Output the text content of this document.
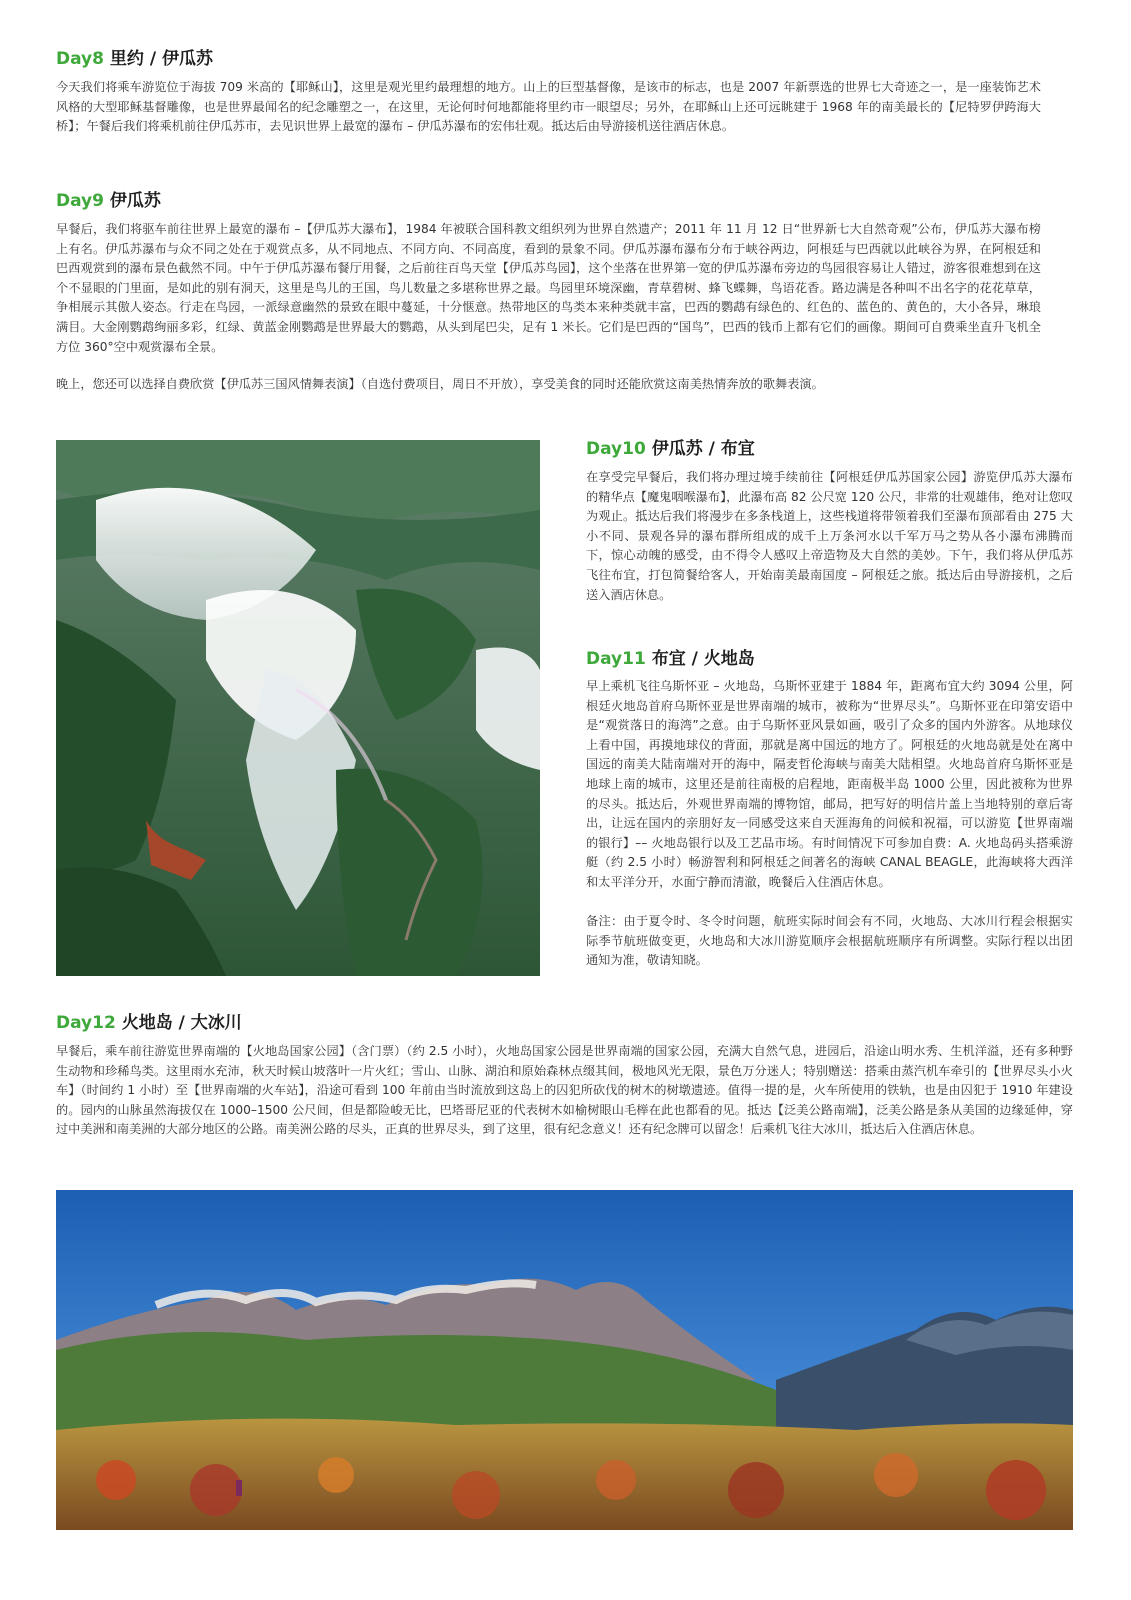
Day8 里约 / 伊瓜苏

今天我们将乘车游览位于海拔 709 米高的【耶稣山】，这里是观光里约最理想的地方。山上的巨型基督像，是该市的标志，也是 2007 年新票选的世界七大奇迹之一，是一座装饰艺术风格的大型耶稣基督雕像，也是世界最闻名的纪念雕塑之一，在这里，无论何时何地都能将里约市一眼望尽；另外，在耶稣山上还可远眺建于 1968 年的南美最长的【尼特罗伊跨海大桥】；午餐后我们将乘机前往伊瓜苏市，去见识世界上最宽的瀑布 – 伊瓜苏瀑布的宏伟壮观。抵达后由导游接机送往酒店休息。

Day9 伊瓜苏

早餐后，我们将驱车前往世界上最宽的瀑布 –【伊瓜苏大瀑布】，1984 年被联合国科教文组织列为世界自然遗产；2011 年 11 月 12 日“世界新七大自然奇观”公布，伊瓜苏大瀑布榜上有名。伊瓜苏瀑布与众不同之处在于观赏点多，从不同地点、不同方向、不同高度，看到的景象不同。伊瓜苏瀑布瀑布分布于峡谷两边，阿根廷与巴西就以此峡谷为界，在阿根廷和巴西观赏到的瀑布景色截然不同。中午于伊瓜苏瀑布餐厅用餐，之后前往百鸟天堂【伊瓜苏鸟园】，这个坐落在世界第一宽的伊瓜苏瀑布旁边的鸟园很容易让人错过，游客很难想到在这个不显眼的门里面，是如此的别有洞天，这里是鸟儿的王国，鸟儿数量之多堪称世界之最。鸟园里环境深幽，青草碧树、蜂飞蝶舞，鸟语花香。路边满是各种叫不出名字的花花草草，争相展示其傲人姿态。行走在鸟园，一派绿意幽然的景致在眼中蔓延，十分惬意。热带地区的鸟类本来种类就丰富，巴西的鹦鹉有绿色的、红色的、蓝色的、黄色的，大小各异，琳琅满目。大金刚鹦鹉绚丽多彩，红绿、黄蓝金刚鹦鹉是世界最大的鹦鹉，从头到尾巴尖，足有 1 米长。它们是巴西的“国鸟”，巴西的钱币上都有它们的画像。期间可自费乘坐直升飞机全方位 360°空中观赏瀑布全景。

晚上，您还可以选择自费欣赏【伊瓜苏三国风情舞表演】（自选付费项目，周日不开放），享受美食的同时还能欣赏这南美热情奔放的歌舞表演。

Day10 伊瓜苏 / 布宜

在享受完早餐后，我们将办理过境手续前往【阿根廷伊瓜苏国家公园】游览伊瓜苏大瀑布的精华点【魔鬼咽喉瀑布】，此瀑布高 82 公尺宽 120 公尺，非常的壮观雄伟，绝对让您叹为观止。抵达后我们将漫步在多条栈道上，这些栈道将带领着我们至瀑布顶部看由 275 大小不同、景观各异的瀑布群所组成的成千上万条河水以千军万马之势从各小瀑布沸腾而下，惊心动魄的感受，由不得令人感叹上帝造物及大自然的美妙。下午，我们将从伊瓜苏飞往布宜，打包简餐给客人，开始南美最南国度 – 阿根廷之旅。抵达后由导游接机，之后送入酒店休息。

Day11 布宜 / 火地岛

早上乘机飞往乌斯怀亚 – 火地岛，乌斯怀亚建于 1884 年，距离布宜大约 3094 公里，阿根廷火地岛首府乌斯怀亚是世界南端的城市，被称为“世界尽头”。乌斯怀亚在印第安语中是“观赏落日的海湾”之意。由于乌斯怀亚风景如画，吸引了众多的国内外游客。从地球仪上看中国，再摸地球仪的背面，那就是离中国远的地方了。阿根廷的火地岛就是处在离中国远的南美大陆南端对开的海中，隔麦哲伦海峡与南美大陆相望。火地岛首府乌斯怀亚是地球上南的城市，这里还是前往南极的启程地，距南极半岛 1000 公里，因此被称为世界的尽头。抵达后，外观世界南端的博物馆，邮局，把写好的明信片盖上当地特别的章后寄出，让远在国内的亲朋好友一同感受这来自天涯海角的问候和祝福，可以游览【世界南端的银行】–– 火地岛银行以及工艺品市场。有时间情况下可参加自费：A. 火地岛码头搭乘游艇（约 2.5 小时）畅游智利和阿根廷之间著名的海峡 CANAL BEAGLE，此海峡将大西洋和太平洋分开，水面宁静而清澈，晚餐后入住酒店休息。

备注：由于夏令时、冬令时问题，航班实际时间会有不同，火地岛、大冰川行程会根据实际季节航班做变更，火地岛和大冰川游览顺序会根据航班顺序有所调整。实际行程以出团通知为准，敬请知晓。

Day12 火地岛 / 大冰川

早餐后，乘车前往游览世界南端的【火地岛国家公园】（含门票）（约 2.5 小时），火地岛国家公园是世界南端的国家公园，充满大自然气息，进园后，沿途山明水秀、生机洋溢，还有多种野生动物和珍稀鸟类。这里雨水充沛，秋天时候山坡落叶一片火红；雪山、山脉、湖泊和原始森林点缀其间，极地风光无限，景色万分迷人；特别赠送：搭乘由蒸汽机车牵引的【世界尽头小火车】（时间约 1 小时）至【世界南端的火车站】，沿途可看到 100 年前由当时流放到这岛上的囚犯所砍伐的树木的树墩遗迹。值得一提的是，火车所使用的铁轨，也是由囚犯于 1910 年建设的。园内的山脉虽然海拔仅在 1000–1500 公尺间，但是都险峻无比，巴塔哥尼亚的代表树木如榆树眼山毛榉在此也都看的见。抵达【泛美公路南端】，泛美公路是条从美国的边缘延伸，穿过中美洲和南美洲的大部分地区的公路。南美洲公路的尽头，正真的世界尽头，到了这里，很有纪念意义！还有纪念牌可以留念！后乘机飞往大冰川，抵达后入住酒店休息。
